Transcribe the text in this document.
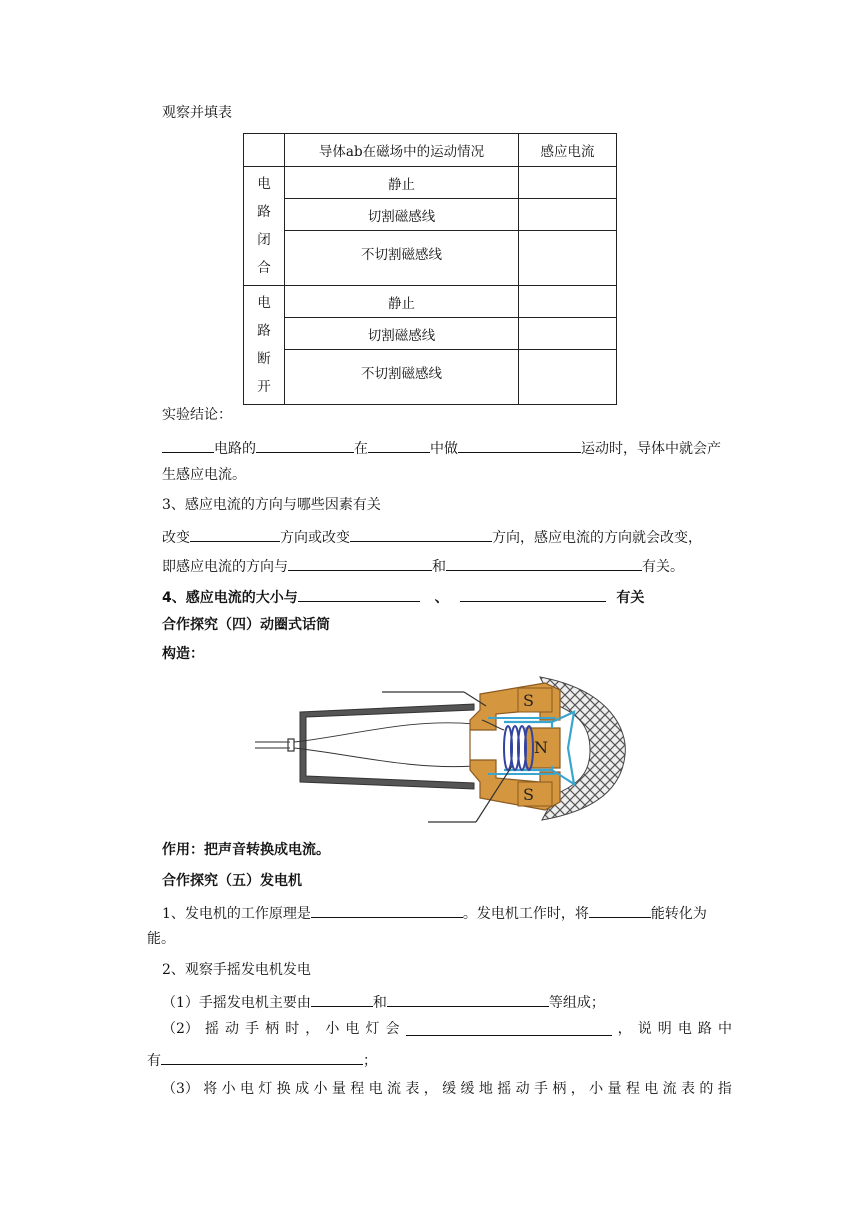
观察并填表
	导体ab在磁场中的运动情况	感应电流

电
路
闭
合	静止	
	切割磁感线	
	不切割磁感线	

电
路
断
开	静止	
	切割磁感线	
	不切割磁感线	
实验结论：
电路的	在	中做	运动时，导体中就会产
生感应电流。
3、感应电流的方向与哪些因素有关
改变	方向或改变	方向，感应电流的方向就会改变，
即感应电流的方向与	和	有关。
4、感应电流的大小与	、	有关
合作探究（四）动圈式话筒
构造：
S
S
N
作用：把声音转换成电流。
合作探究（五）发电机
1、发电机的工作原理是	。发电机工作时，将	能转化为
能。
2、观察手摇发电机发电
（1）手摇发电机主要由	和	等组成；
（2） 摇 动 手 柄 时 ， 小 电 灯 会	， 说 明 电 路 中
有	；
（3） 将 小 电 灯 换 成 小 量 程 电 流 表 ， 缓 缓 地 摇 动 手 柄 ， 小 量 程 电 流 表 的 指
